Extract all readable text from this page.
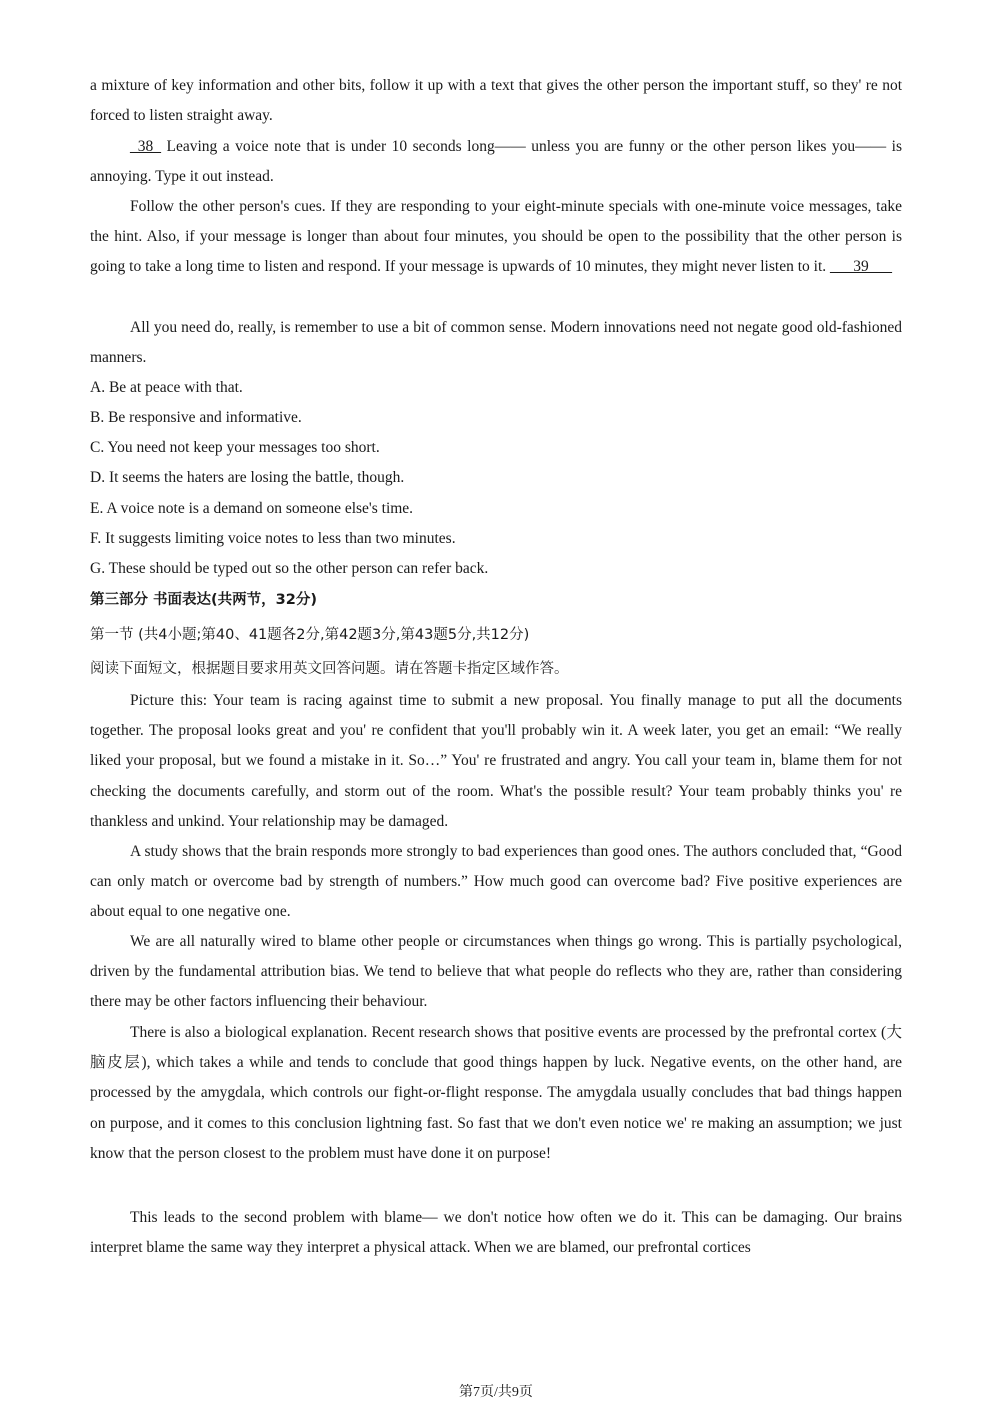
a mixture of key information and other bits, follow it up with a text that gives the other person the important stuff, so they' re not forced to listen straight away.

_38_ Leaving a voice note that is under 10 seconds long—— unless you are funny or the other person likes you—— is annoying. Type it out instead.

Follow the other person's cues. If they are responding to your eight-minute specials with one-minute voice messages, take the hint. Also, if your message is longer than about four minutes, you should be open to the possibility that the other person is going to take a long time to listen and respond. If your message is upwards of 10 minutes, they might never listen to it. ___39___

All you need do, really, is remember to use a bit of common sense. Modern innovations need not negate good old-fashioned manners.

A. Be at peace with that.

B. Be responsive and informative.

C. You need not keep your messages too short.

D. It seems the haters are losing the battle, though.

E. A voice note is a demand on someone else's time.

F. It suggests limiting voice notes to less than two minutes.

G. These should be typed out so the other person can refer back.

第三部分 书面表达(共两节，32分)

第一节 (共4小题;第40、41题各2分,第42题3分,第43题5分,共12分)

阅读下面短文，根据题目要求用英文回答问题。请在答题卡指定区域作答。

Picture this: Your team is racing against time to submit a new proposal. You finally manage to put all the documents together. The proposal looks great and you' re confident that you'll probably win it. A week later, you get an email: “We really liked your proposal, but we found a mistake in it. So…” You' re frustrated and angry. You call your team in, blame them for not checking the documents carefully, and storm out of the room. What's the possible result? Your team probably thinks you' re thankless and unkind. Your relationship may be damaged.

A study shows that the brain responds more strongly to bad experiences than good ones. The authors concluded that, “Good can only match or overcome bad by strength of numbers.” How much good can overcome bad? Five positive experiences are about equal to one negative one.

We are all naturally wired to blame other people or circumstances when things go wrong. This is partially psychological, driven by the fundamental attribution bias. We tend to believe that what people do reflects who they are, rather than considering there may be other factors influencing their behaviour.

There is also a biological explanation. Recent research shows that positive events are processed by the prefrontal cortex (大脑皮层), which takes a while and tends to conclude that good things happen by luck. Negative events, on the other hand, are processed by the amygdala, which controls our fight-or-flight response. The amygdala usually concludes that bad things happen on purpose, and it comes to this conclusion lightning fast. So fast that we don't even notice we' re making an assumption; we just know that the person closest to the problem must have done it on purpose!

This leads to the second problem with blame— we don't notice how often we do it. This can be damaging. Our brains interpret blame the same way they interpret a physical attack. When we are blamed, our prefrontal cortices

第7页/共9页
